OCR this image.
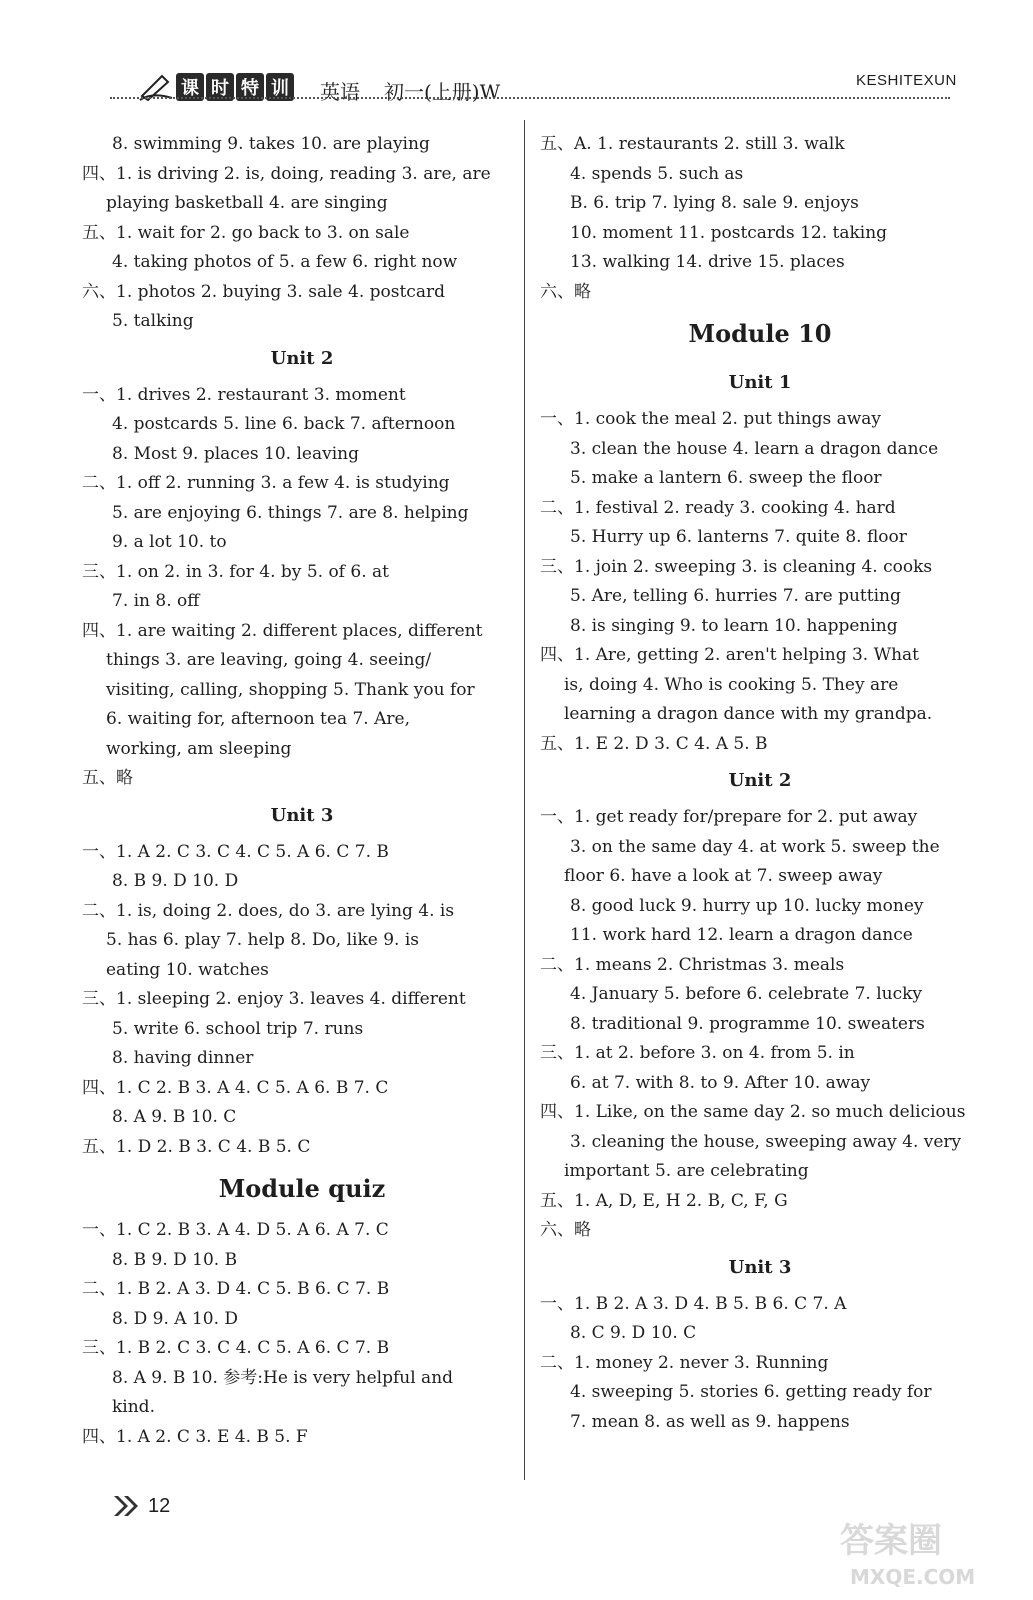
课 时 特 训 英语 初一(上册)W	KESHITEXUN
8. swimming 9. takes 10. are playing
四、1. is driving 2. is, doing, reading 3. are, are
playing basketball 4. are singing
五、1. wait for 2. go back to 3. on sale
4. taking photos of 5. a few 6. right now
六、1. photos 2. buying 3. sale 4. postcard
5. talking
Unit 2
一、1. drives 2. restaurant 3. moment
4. postcards 5. line 6. back 7. afternoon
8. Most 9. places 10. leaving
二、1. off 2. running 3. a few 4. is studying
5. are enjoying 6. things 7. are 8. helping
9. a lot 10. to
三、1. on 2. in 3. for 4. by 5. of 6. at
7. in 8. off
四、1. are waiting 2. different places, different
things 3. are leaving, going 4. seeing/
visiting, calling, shopping 5. Thank you for
6. waiting for, afternoon tea 7. Are,
working, am sleeping
五、略
Unit 3
一、1. A 2. C 3. C 4. C 5. A 6. C 7. B
8. B 9. D 10. D
二、1. is, doing 2. does, do 3. are lying 4. is
5. has 6. play 7. help 8. Do, like 9. is
eating 10. watches
三、1. sleeping 2. enjoy 3. leaves 4. different
5. write 6. school trip 7. runs
8. having dinner
四、1. C 2. B 3. A 4. C 5. A 6. B 7. C
8. A 9. B 10. C
五、1. D 2. B 3. C 4. B 5. C
Module quiz
一、1. C 2. B 3. A 4. D 5. A 6. A 7. C
8. B 9. D 10. B
二、1. B 2. A 3. D 4. C 5. B 6. C 7. B
8. D 9. A 10. D
三、1. B 2. C 3. C 4. C 5. A 6. C 7. B
8. A 9. B 10. 参考:He is very helpful and
kind.
四、1. A 2. C 3. E 4. B 5. F
五、A. 1. restaurants 2. still 3. walk
4. spends 5. such as
B. 6. trip 7. lying 8. sale 9. enjoys
10. moment 11. postcards 12. taking
13. walking 14. drive 15. places
六、略
Module 10
Unit 1
一、1. cook the meal 2. put things away
3. clean the house 4. learn a dragon dance
5. make a lantern 6. sweep the floor
二、1. festival 2. ready 3. cooking 4. hard
5. Hurry up 6. lanterns 7. quite 8. floor
三、1. join 2. sweeping 3. is cleaning 4. cooks
5. Are, telling 6. hurries 7. are putting
8. is singing 9. to learn 10. happening
四、1. Are, getting 2. aren't helping 3. What
is, doing 4. Who is cooking 5. They are
learning a dragon dance with my grandpa.
五、1. E 2. D 3. C 4. A 5. B
Unit 2
一、1. get ready for/prepare for 2. put away
3. on the same day 4. at work 5. sweep the
floor 6. have a look at 7. sweep away
8. good luck 9. hurry up 10. lucky money
11. work hard 12. learn a dragon dance
二、1. means 2. Christmas 3. meals
4. January 5. before 6. celebrate 7. lucky
8. traditional 9. programme 10. sweaters
三、1. at 2. before 3. on 4. from 5. in
6. at 7. with 8. to 9. After 10. away
四、1. Like, on the same day 2. so much delicious
3. cleaning the house, sweeping away 4. very
important 5. are celebrating
五、1. A, D, E, H 2. B, C, F, G
六、略
Unit 3
一、1. B 2. A 3. D 4. B 5. B 6. C 7. A
8. C 9. D 10. C
二、1. money 2. never 3. Running
4. sweeping 5. stories 6. getting ready for
7. mean 8. as well as 9. happens
12
答案圈
MXQE.COM
